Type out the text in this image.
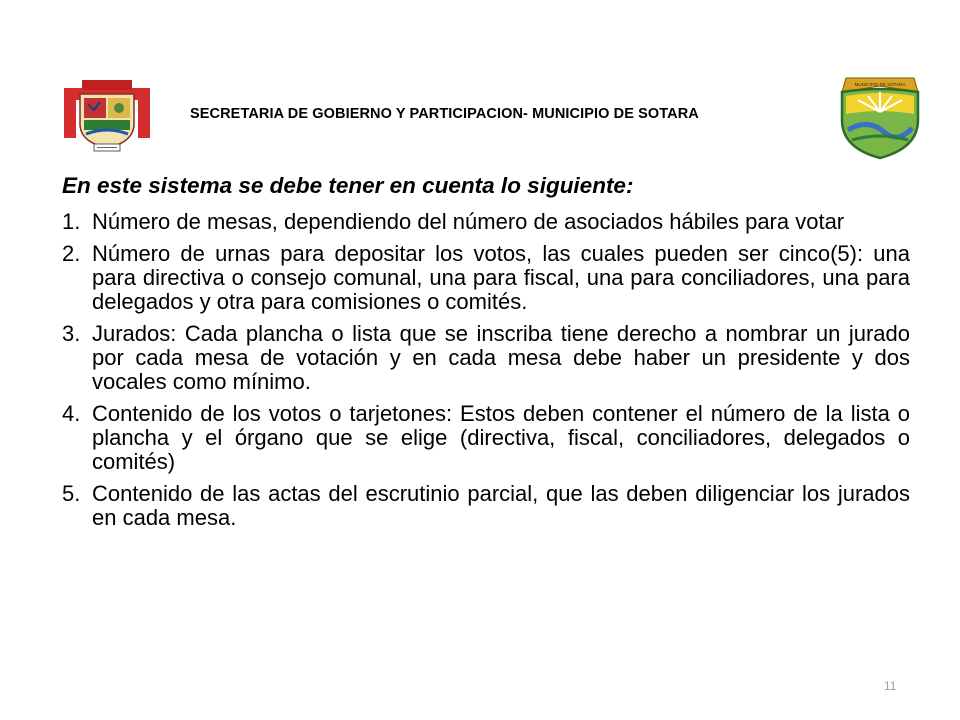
SECRETARIA DE GOBIERNO Y PARTICIPACION- MUNICIPIO DE SOTARA
MUNICIPIO DE SOTARA

En este sistema se debe tener en cuenta lo siguiente:

1. Número de mesas, dependiendo del número de asociados hábiles para votar
2. Número de urnas para depositar los votos, las cuales pueden ser cinco(5): una para directiva o consejo comunal, una para fiscal, una para conciliadores, una para delegados y otra para comisiones o comités.
3. Jurados: Cada plancha o lista que se inscriba tiene derecho a nombrar un jurado por cada mesa de votación y en cada mesa debe haber un presidente y dos vocales como mínimo.
4. Contenido de los votos o tarjetones: Estos deben contener el número de la lista o plancha y el órgano que se elige (directiva, fiscal, conciliadores, delegados o comités)
5. Contenido de las actas del escrutinio parcial, que las deben diligenciar los jurados en cada mesa.
11
